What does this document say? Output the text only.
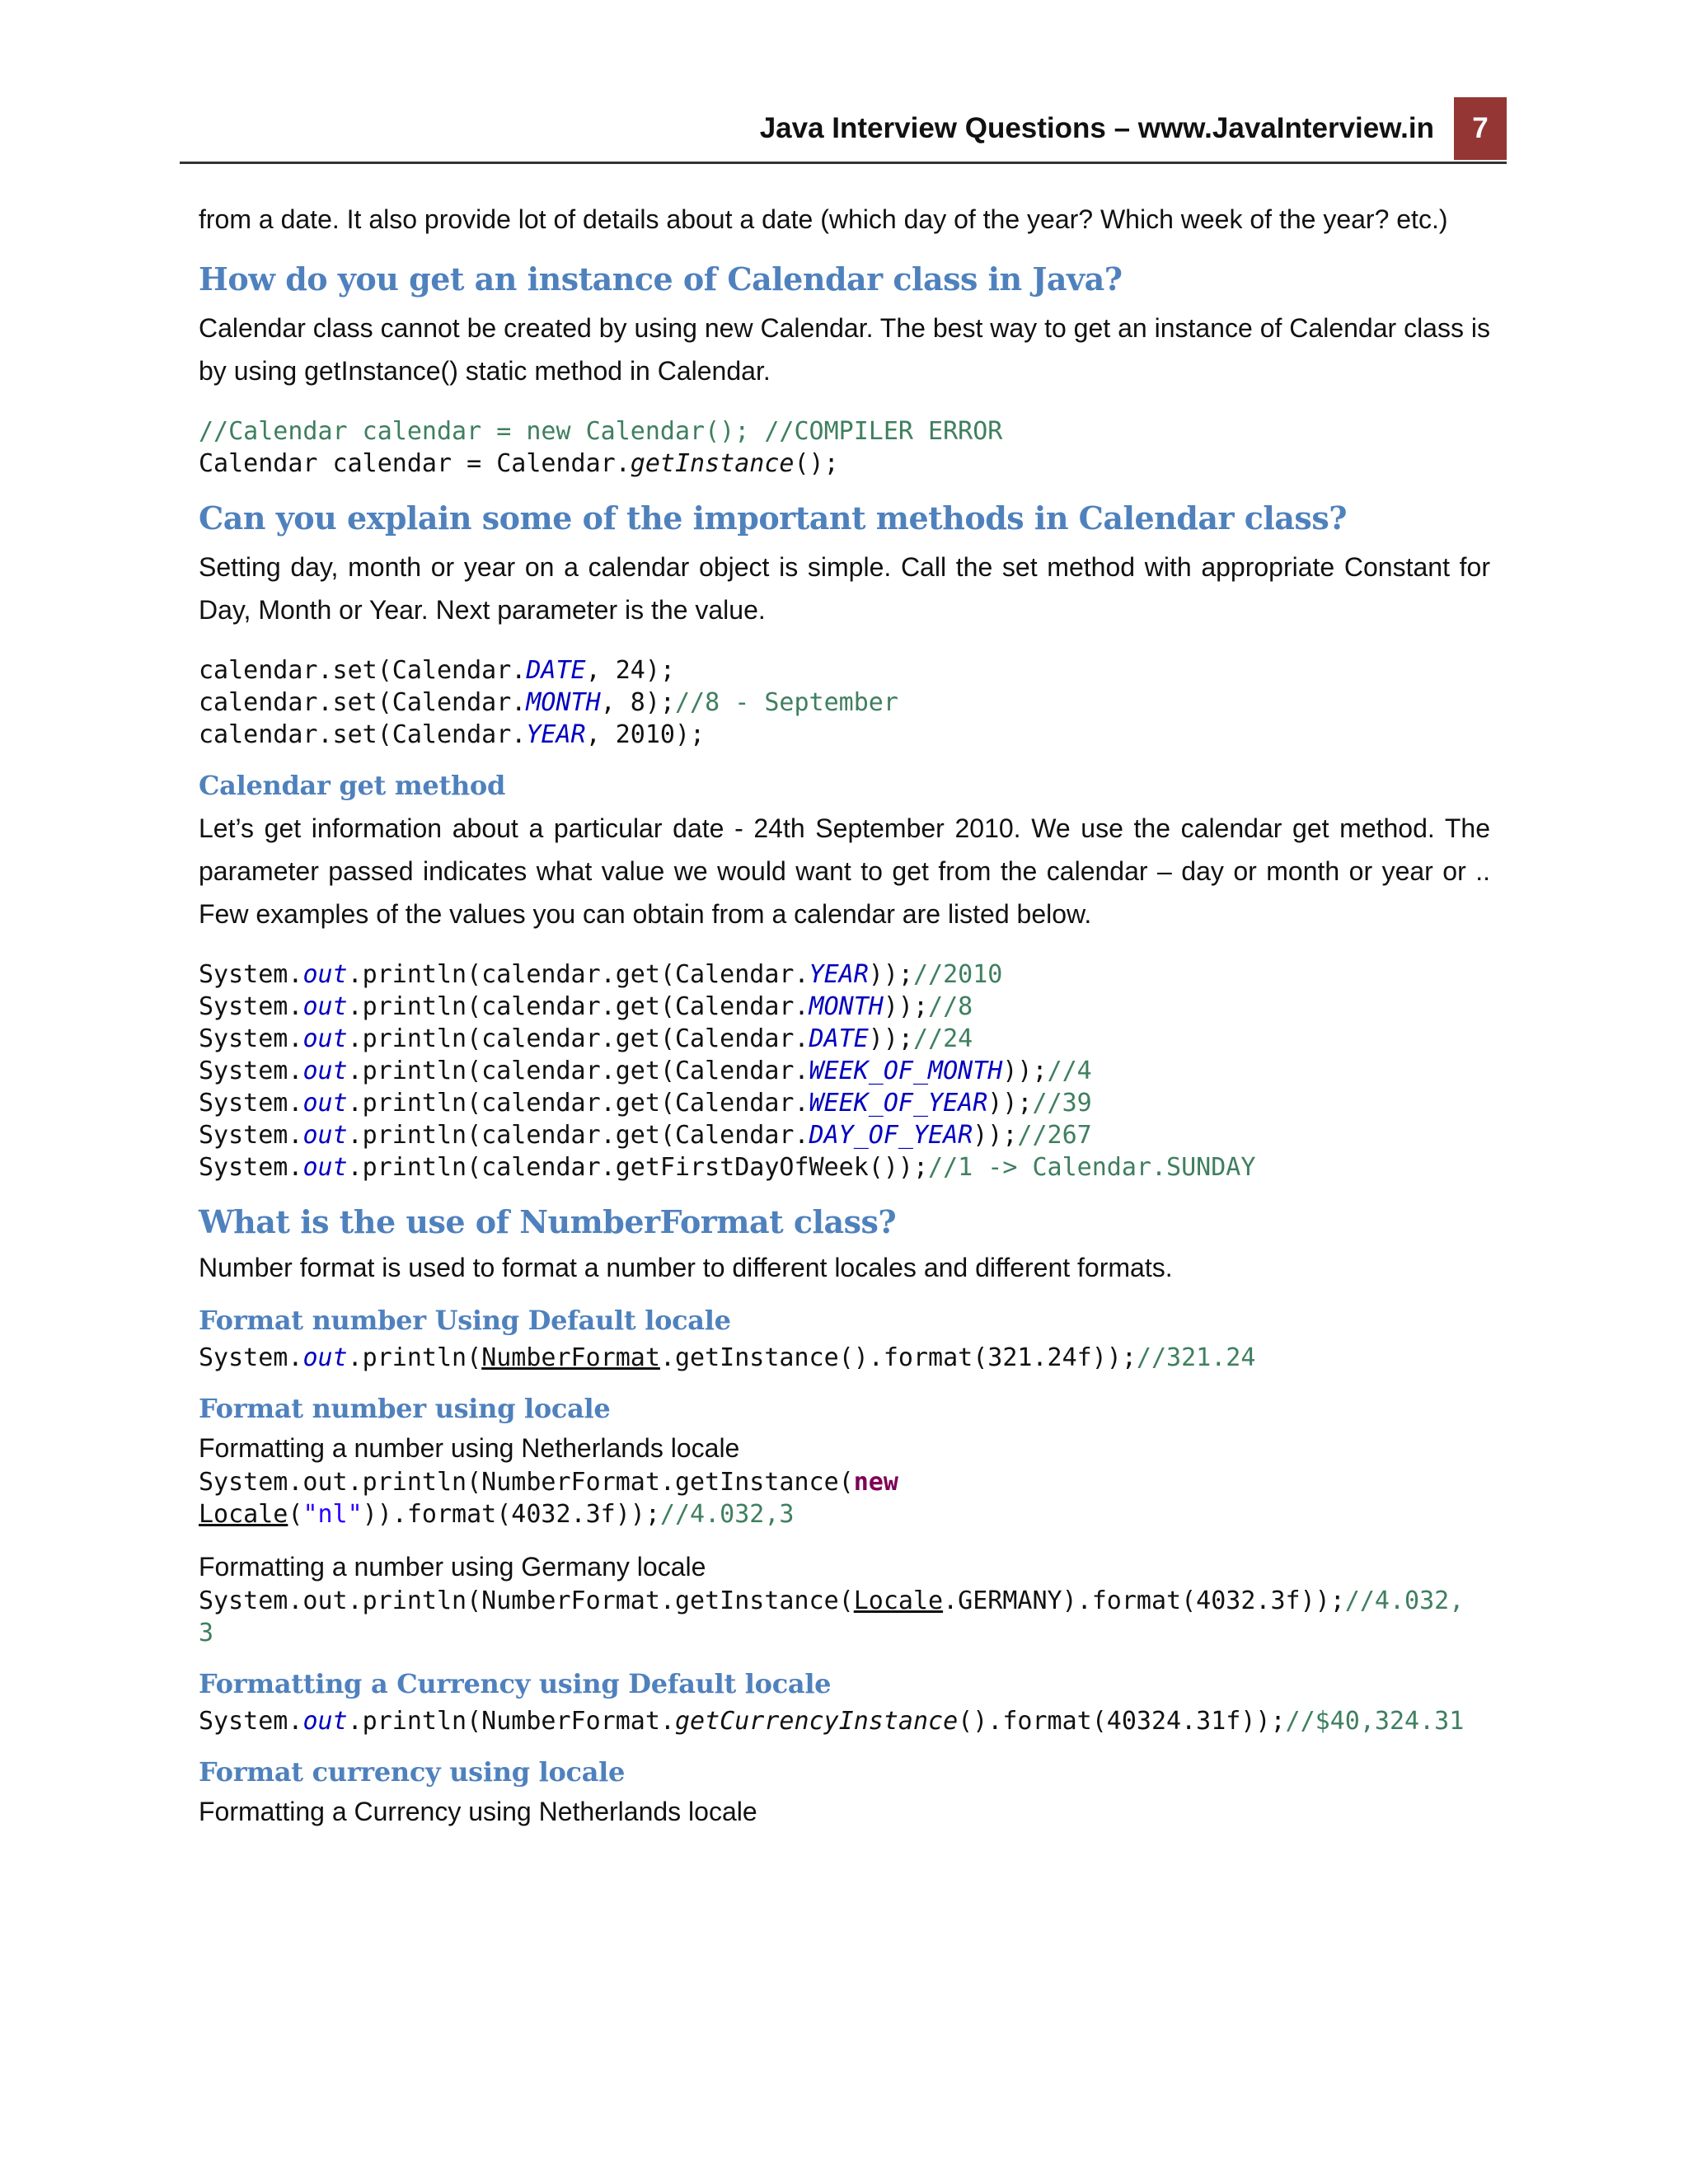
Java Interview Questions – www.JavaInterview.in	7

from a date. It also provide lot of details about a date (which day of the year? Which week of the year? etc.)

How do you get an instance of Calendar class in Java?

Calendar class cannot be created by using new Calendar. The best way to get an instance of Calendar class is by using getInstance() static method in Calendar.

//Calendar calendar = new Calendar(); //COMPILER ERROR
Calendar calendar = Calendar.getInstance();
Can you explain some of the important methods in Calendar class?

Setting day, month or year on a calendar object is simple. Call the set method with appropriate Constant for Day, Month or Year. Next parameter is the value.

calendar.set(Calendar.DATE, 24);
calendar.set(Calendar.MONTH, 8);//8 - September
calendar.set(Calendar.YEAR, 2010);
Calendar get method

Let’s get information about a particular date - 24th September 2010. We use the calendar get method. The parameter passed indicates what value we would want to get from the calendar – day or month or year or .. Few examples of the values you can obtain from a calendar are listed below.

System.out.println(calendar.get(Calendar.YEAR));//2010
System.out.println(calendar.get(Calendar.MONTH));//8
System.out.println(calendar.get(Calendar.DATE));//24
System.out.println(calendar.get(Calendar.WEEK_OF_MONTH));//4
System.out.println(calendar.get(Calendar.WEEK_OF_YEAR));//39
System.out.println(calendar.get(Calendar.DAY_OF_YEAR));//267
System.out.println(calendar.getFirstDayOfWeek());//1 -> Calendar.SUNDAY
What is the use of NumberFormat class?

Number format is used to format a number to different locales and different formats.

Format number Using Default locale
System.out.println(NumberFormat.getInstance().format(321.24f));//321.24
Format number using locale

Formatting a number using Netherlands locale

System.out.println(NumberFormat.getInstance(new
Locale("nl")).format(4032.3f));//4.032,3

Formatting a number using Germany locale

System.out.println(NumberFormat.getInstance(Locale.GERMANY).format(4032.3f));//4.032,
3
Formatting a Currency using Default locale
System.out.println(NumberFormat.getCurrencyInstance().format(40324.31f));//$40,324.31
Format currency using locale

Formatting a Currency using Netherlands locale
